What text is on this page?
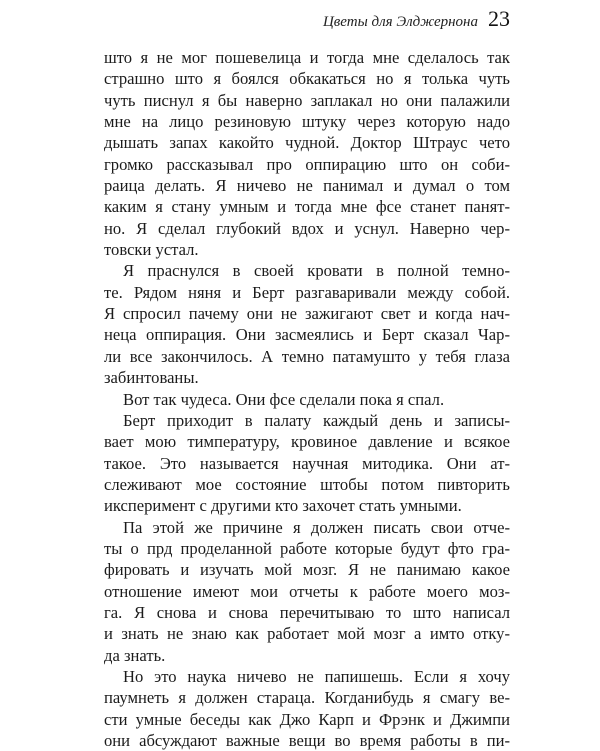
Цветы для Элджернона 23
што я не мог пошевелица и тогда мне сделалось так
страшно што я боялся обкакаться но я толька чуть
чуть писнул я бы наверно заплакал но они палажили
мне на лицо резиновую штуку через которую надо
дышать запах какойто чудной. Доктор Штраус чето
громко рассказывал про оппирацию што он соби-
раица делать. Я ничево не панимал и думал о том
каким я стану умным и тогда мне фсе станет панят-
но. Я сделал глубокий вдох и уснул. Наверно чер-
товски устал.
Я праснулся в своей кровати в полной темно-
те. Рядом няня и Берт разгаваривали между собой.
Я спросил пачему они не зажигают свет и когда нач-
неца оппирация. Они засмеялись и Берт сказал Чар-
ли все закончилось. А темно патамушто у тебя глаза
забинтованы.
Вот так чудеса. Они фсе сделали пока я спал.
Берт приходит в палату каждый день и записы-
вает мою тимпературу, кровиное давление и всякое
такое. Это называется научная митодика. Они ат-
слеживают мое состояние штобы потом пивторить
иксперимент с другими кто захочет стать умными.
Па этой же причине я должен писать свои отче-
ты о прд проделанной работе которые будут фто гра-
фировать и изучать мой мозг. Я не панимаю какое
отношение имеют мои отчеты к работе моего моз-
га. Я снова и снова перечитываю то што написал
и знать не знаю как работает мой мозг а имто отку-
да знать.
Но это наука ничево не папишешь. Если я хочу
паумнеть я должен стараца. Когданибудь я смагу ве-
сти умные беседы как Джо Карп и Фрэнк и Джимпи
они абсуждают важные вещи во время работы в пи-
